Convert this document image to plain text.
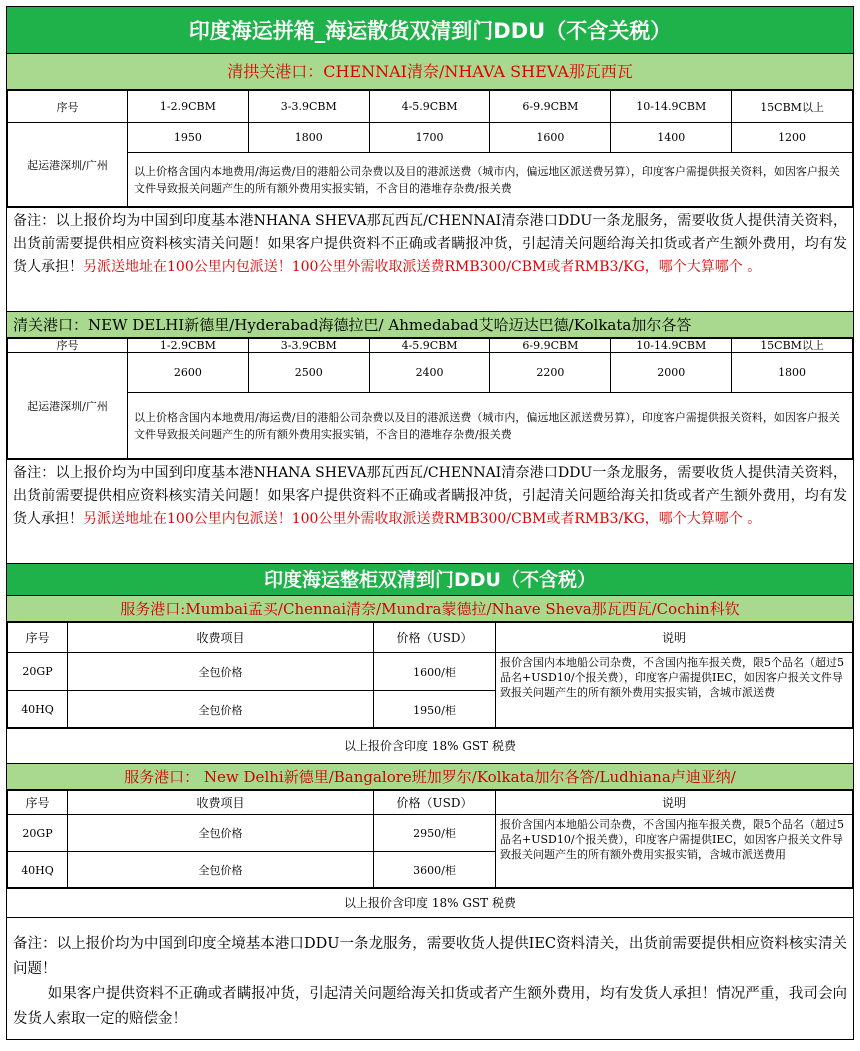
印度海运拼箱_海运散货双清到门DDU（不含关税）
清拱关港口：CHENNAI清奈/NHAVA SHEVA那瓦西瓦
序号	1-2.9CBM	3-3.9CBM	4-5.9CBM	6-9.9CBM	10-14.9CBM	15CBM以上
起运港深圳/广州	1950	1800	1700	1600	1400	1200
	以上价格含国内本地费用/海运费/目的港船公司杂费以及目的港派送费（城市内，偏远地区派送费另算），印度客户需提供报关资料，如因客户报关文件导致报关问题产生的所有额外费用实报实销，不含目的港堆存杂费/报关费					
备注：以上报价均为中国到印度基本港NHANA SHEVA那瓦西瓦/CHENNAI清奈港口DDU一条龙服务，需要收货人提供清关资料，出货前需要提供相应资料核实清关问题！如果客户提供资料不正确或者瞒报冲货，引起清关问题给海关扣货或者产生额外费用，均有发货人承担！另派送地址在100公里内包派送！100公里外需收取派送费RMB300/CBM或者RMB3/KG，哪个大算哪个 。
清关港口：NEW DELHI新德里/Hyderabad海德拉巴/ Ahmedabad艾哈迈达巴德/Kolkata加尔各答
序号	1-2.9CBM	3-3.9CBM	4-5.9CBM	6-9.9CBM	10-14.9CBM	15CBM以上
起运港深圳/广州	2600	2500	2400	2200	2000	1800
	以上价格含国内本地费用/海运费/目的港船公司杂费以及目的港派送费（城市内，偏远地区派送费另算），印度客户需提供报关资料，如因客户报关文件导致报关问题产生的所有额外费用实报实销，不含目的港堆存杂费/报关费					
备注：以上报价均为中国到印度基本港NHANA SHEVA那瓦西瓦/CHENNAI清奈港口DDU一条龙服务，需要收货人提供清关资料，出货前需要提供相应资料核实清关问题！如果客户提供资料不正确或者瞒报冲货，引起清关问题给海关扣货或者产生额外费用，均有发货人承担！另派送地址在100公里内包派送！100公里外需收取派送费RMB300/CBM或者RMB3/KG，哪个大算哪个 。
印度海运整柜双清到门DDU（不含税）
服务港口:Mumbai孟买/Chennai清奈/Mundra蒙德拉/Nhave Sheva那瓦西瓦/Cochin科钦
序号	收费项目	价格（USD）	说明
20GP	全包价格	1600/柜	报价含国内本地船公司杂费，不含国内拖车报关费，限5个品名（超过5品名+USD10/个报关费），印度客户需提供IEC，如因客户报关文件导致报关问题产生的所有额外费用实报实销，含城市派送费
40HQ	全包价格	1950/柜	
以上报价含印度 18% GST 税费
服务港口： New Delhi新德里/Bangalore班加罗尔/Kolkata加尔各答/Ludhiana卢迪亚纳/
序号	收费项目	价格（USD）	说明
20GP	全包价格	2950/柜	报价含国内本地船公司杂费，不含国内拖车报关费，限5个品名（超过5品名+USD10/个报关费），印度客户需提供IEC，如因客户报关文件导致报关问题产生的所有额外费用实报实销，含城市派送费用
40HQ	全包价格	3600/柜	
以上报价含印度 18% GST 税费
备注：以上报价均为中国到印度全境基本港口DDU一条龙服务，需要收货人提供IEC资料清关，出货前需要提供相应资料核实清关问题！
如果客户提供资料不正确或者瞒报冲货，引起清关问题给海关扣货或者产生额外费用，均有发货人承担！情况严重，我司会向发货人索取一定的赔偿金！
